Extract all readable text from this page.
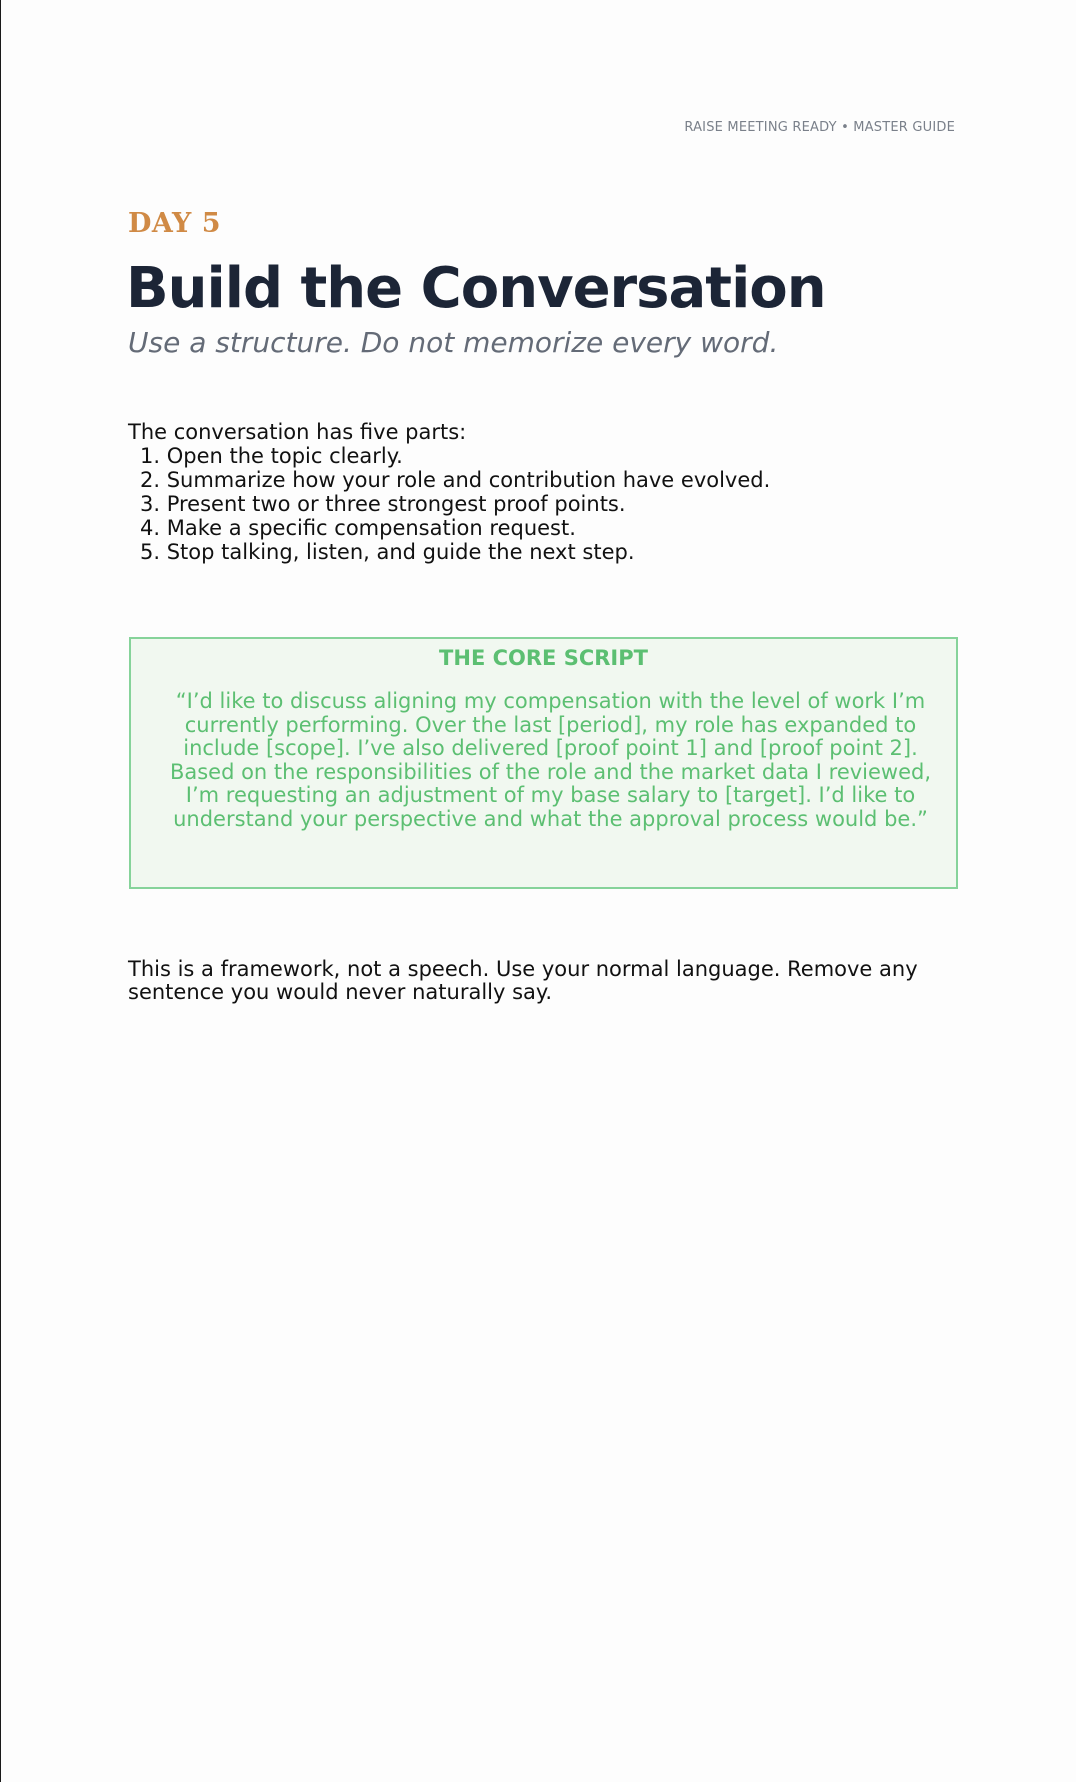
RAISE MEETING READY • MASTER GUIDE
DAY 5
Build the Conversation
Use a structure. Do not memorize every word.
The conversation has five parts:
1. Open the topic clearly.
2. Summarize how your role and contribution have evolved.
3. Present two or three strongest proof points.
4. Make a specific compensation request.
5. Stop talking, listen, and guide the next step.
THE CORE SCRIPT
“I’d like to discuss aligning my compensation with the level of work I’m currently performing. Over the last [period], my role has expanded to include [scope]. I’ve also delivered [proof point 1] and [proof point 2]. Based on the responsibilities of the role and the market data I reviewed, I’m requesting an adjustment of my base salary to [target]. I’d like to understand your perspective and what the approval process would be.”
This is a framework, not a speech. Use your normal language. Remove any sentence you would never naturally say.
